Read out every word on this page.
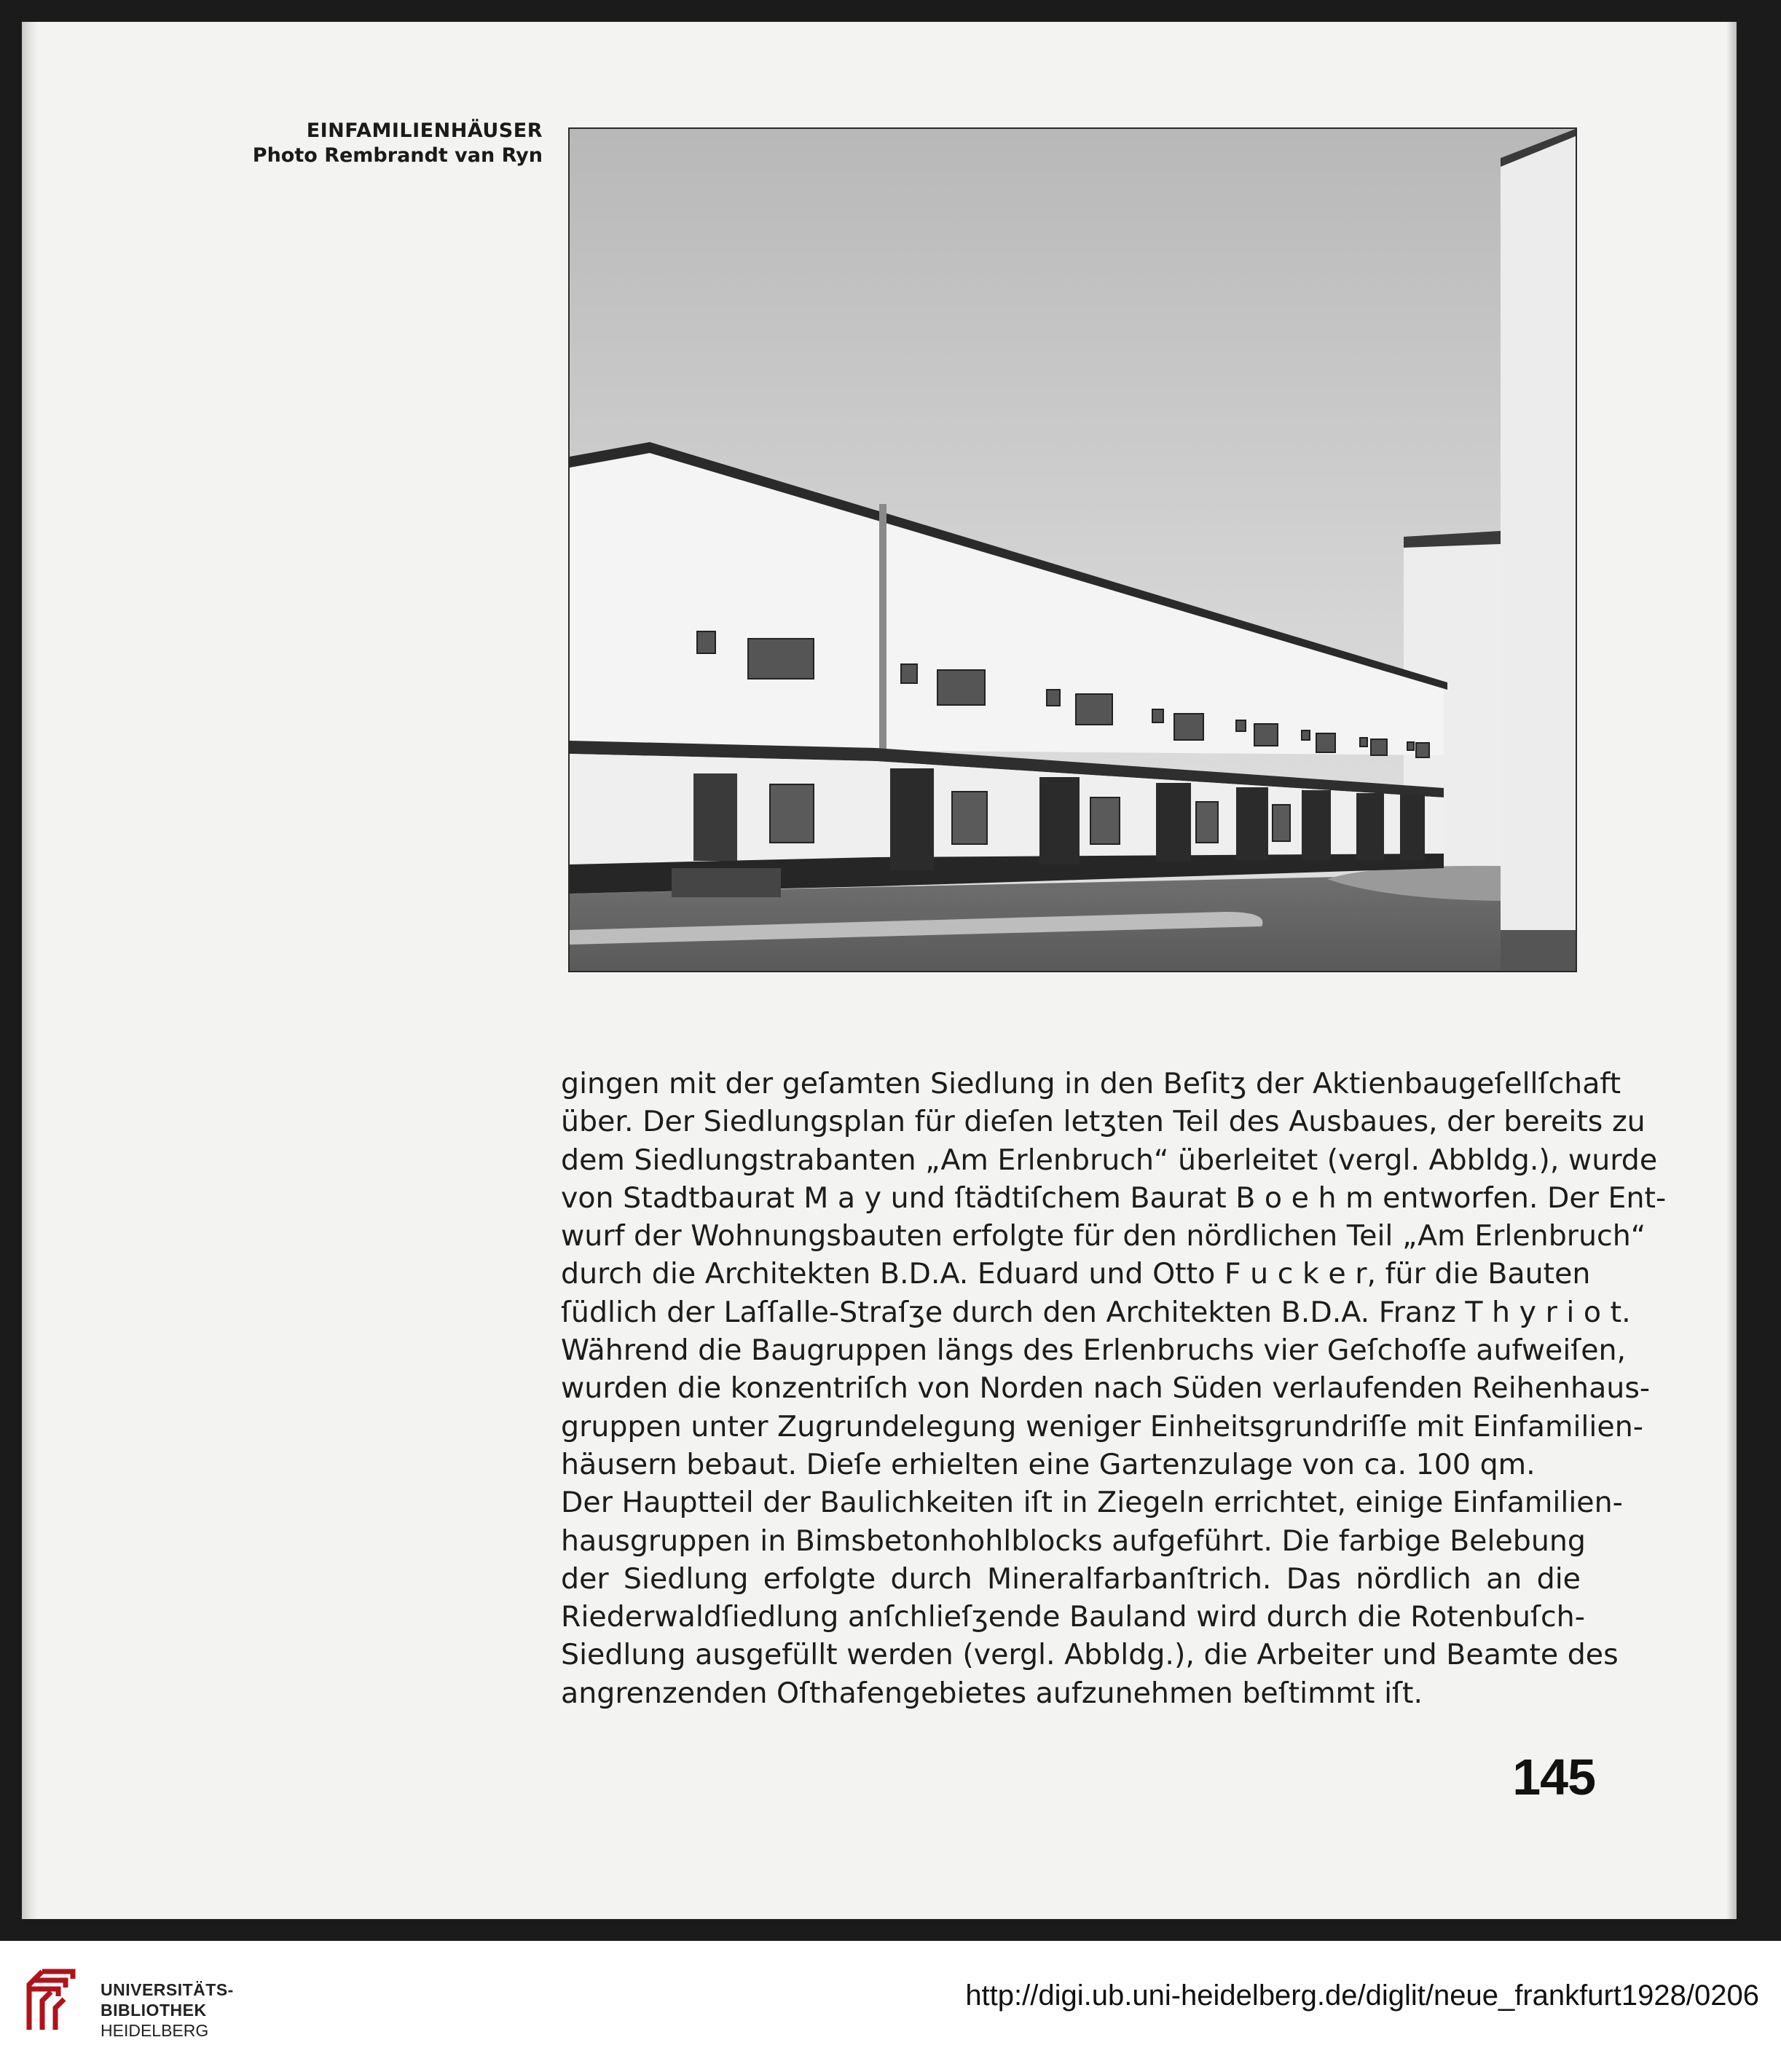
EINFAMILIENHÄUSER
Photo Rembrandt van Ryn
gingen mit der geſamten Siedlung in den Beſitʒ der Aktienbaugeſellſchaft
über. Der Siedlungsplan für dieſen letʒten Teil des Ausbaues, der bereits zu
dem Siedlungstrabanten „Am Erlenbruch“ überleitet (vergl. Abbldg.), wurde
von Stadtbaurat M a y und ſtädtiſchem Baurat B o e h m entworfen. Der Ent-
wurf der Wohnungsbauten erfolgte für den nördlichen Teil „Am Erlenbruch“
durch die Architekten B.D.A. Eduard und Otto F u c k e r, für die Bauten
ſüdlich der Laſſalle-Straſʒe durch den Architekten B.D.A. Franz T h y r i o t.
Während die Baugruppen längs des Erlenbruchs vier Geſchoſſe aufweiſen,
wurden die konzentriſch von Norden nach Süden verlaufenden Reihenhaus-
gruppen unter Zugrundelegung weniger Einheitsgrundriſſe mit Einfamilien-
häusern bebaut. Dieſe erhielten eine Gartenzulage von ca. 100 qm.
Der Hauptteil der Baulichkeiten iſt in Ziegeln errichtet, einige Einfamilien-
hausgruppen in Bimsbetonhohlblocks aufgeführt. Die farbige Belebung
der Siedlung erfolgte durch Mineralfarbanſtrich. Das nördlich an die
Riederwaldſiedlung anſchlieſʒende Bauland wird durch die Rotenbuſch-
Siedlung ausgefüllt werden (vergl. Abbldg.), die Arbeiter und Beamte des
angrenzenden Oſthafengebietes aufzunehmen beſtimmt iſt.
145
UNIVERSITÄTS-
BIBLIOTHEK
HEIDELBERG
http://digi.ub.uni-heidelberg.de/diglit/neue_frankfurt1928/0206
